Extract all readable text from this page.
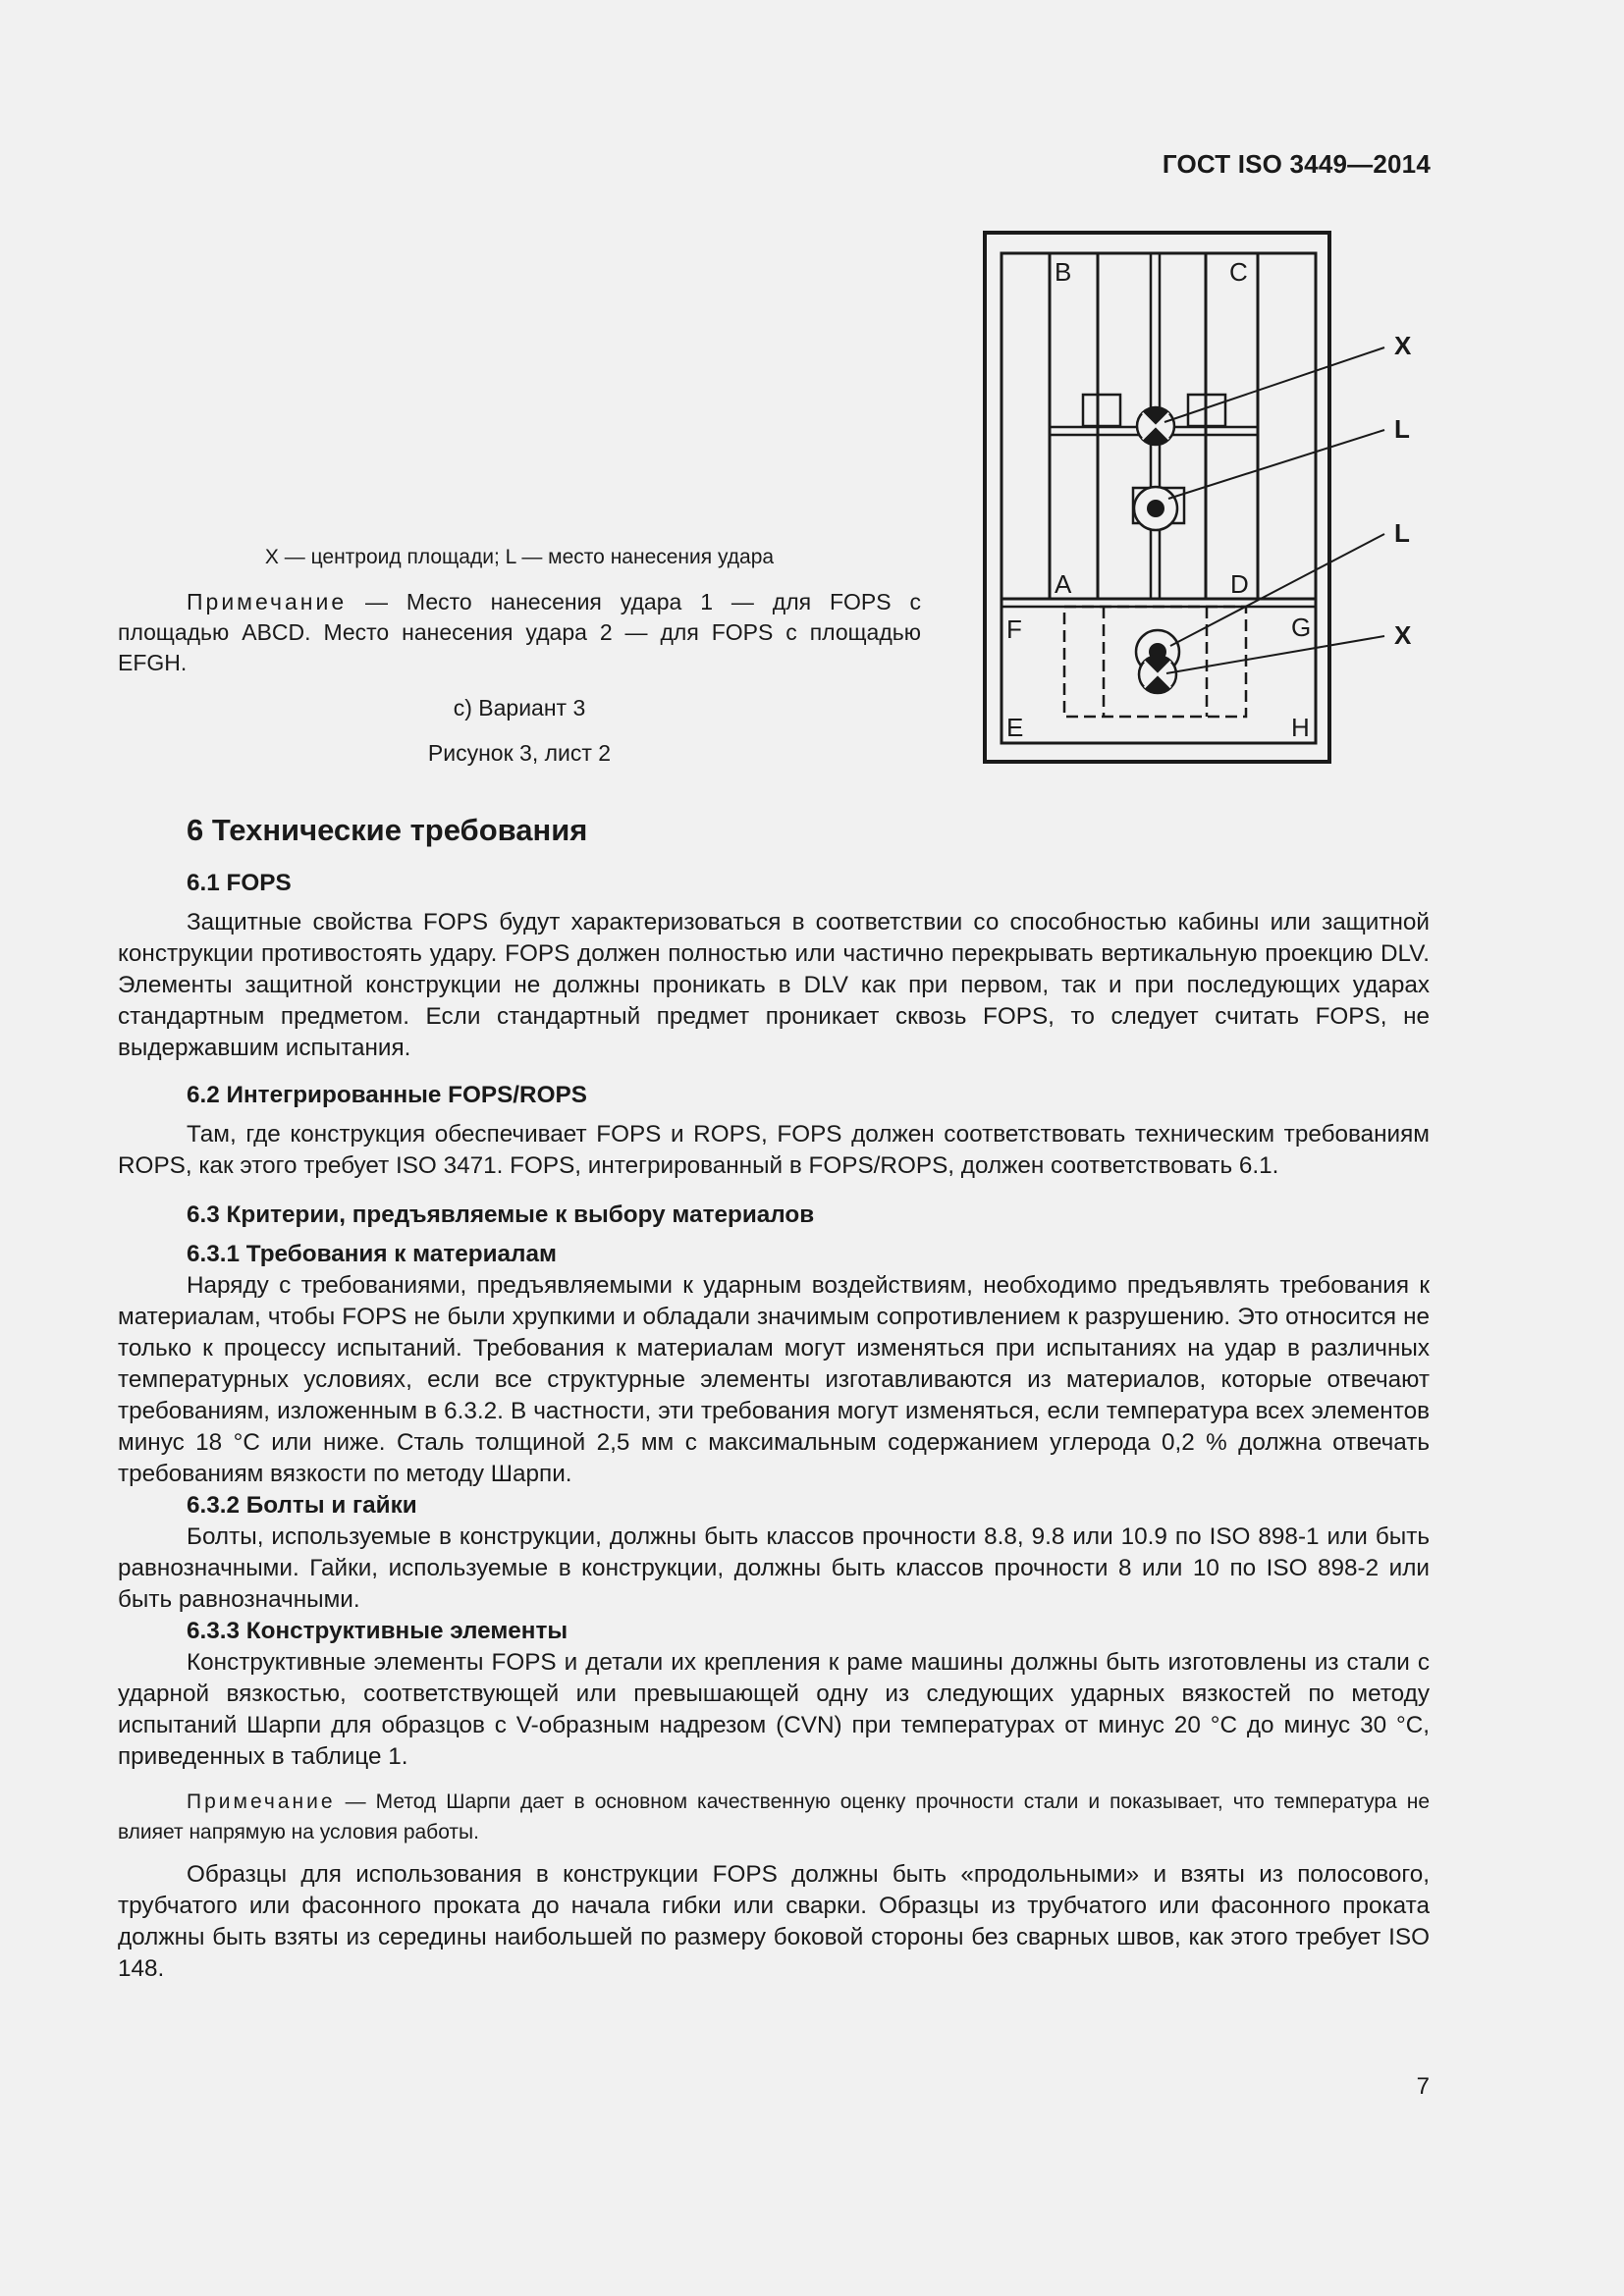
ГОСТ ISO 3449—2014
B	C
A	D
F	G
E	H
X
L
L
X
X — центроид площади; L — место нанесения удара
Примечание — Место нанесения удара 1 — для FOPS с площадью ABCD. Место нанесения удара 2 — для FOPS с площадью EFGH.
с) Вариант 3
Рисунок 3, лист 2
6 Технические требования
6.1 FOPS

Защитные свойства FOPS будут характеризоваться в соответствии со способностью кабины или защитной конструкции противостоять удару. FOPS должен полностью или частично перекрывать вертикальную проекцию DLV. Элементы защитной конструкции не должны проникать в DLV как при первом, так и при последующих ударах стандартным предметом. Если стандартный предмет проникает сквозь FOPS, то следует считать FOPS, не выдержавшим испытания.

6.2 Интегрированные FOPS/ROPS

Там, где конструкция обеспечивает FOPS и ROPS, FOPS должен соответствовать техническим требованиям ROPS, как этого требует ISO 3471. FOPS, интегрированный в FOPS/ROPS, должен соответствовать 6.1.

6.3 Критерии, предъявляемые к выбору материалов
6.3.1 Требования к материалам

Наряду с требованиями, предъявляемыми к ударным воздействиям, необходимо предъявлять требования к материалам, чтобы FOPS не были хрупкими и обладали значимым сопротивлением к разрушению. Это относится не только к процессу испытаний. Требования к материалам могут изменяться при испытаниях на удар в различных температурных условиях, если все структурные элементы изготавливаются из материалов, которые отвечают требованиям, изложенным в 6.3.2. В частности, эти требования могут изменяться, если температура всех элементов минус 18 °С или ниже. Сталь толщиной 2,5 мм с максимальным содержанием углерода 0,2 % должна отвечать требованиям вязкости по методу Шарпи.

6.3.2 Болты и гайки

Болты, используемые в конструкции, должны быть классов прочности 8.8, 9.8 или 10.9 по ISO 898-1 или быть равнозначными. Гайки, используемые в конструкции, должны быть классов прочности 8 или 10 по ISO 898-2 или быть равнозначными.

6.3.3 Конструктивные элементы

Конструктивные элементы FOPS и детали их крепления к раме машины должны быть изготовлены из стали с ударной вязкостью, соответствующей или превышающей одну из следующих ударных вязкостей по методу испытаний Шарпи для образцов с V-образным надрезом (CVN) при температурах от минус 20 °С до минус 30 °С, приведенных в таблице 1.

Примечание — Метод Шарпи дает в основном качественную оценку прочности стали и показывает, что температура не влияет напрямую на условия работы.

Образцы для использования в конструкции FOPS должны быть «продольными» и взяты из полосового, трубчатого или фасонного проката до начала гибки или сварки. Образцы из трубчатого или фасонного проката должны быть взяты из середины наибольшей по размеру боковой стороны без сварных швов, как этого требует ISO 148.

7
